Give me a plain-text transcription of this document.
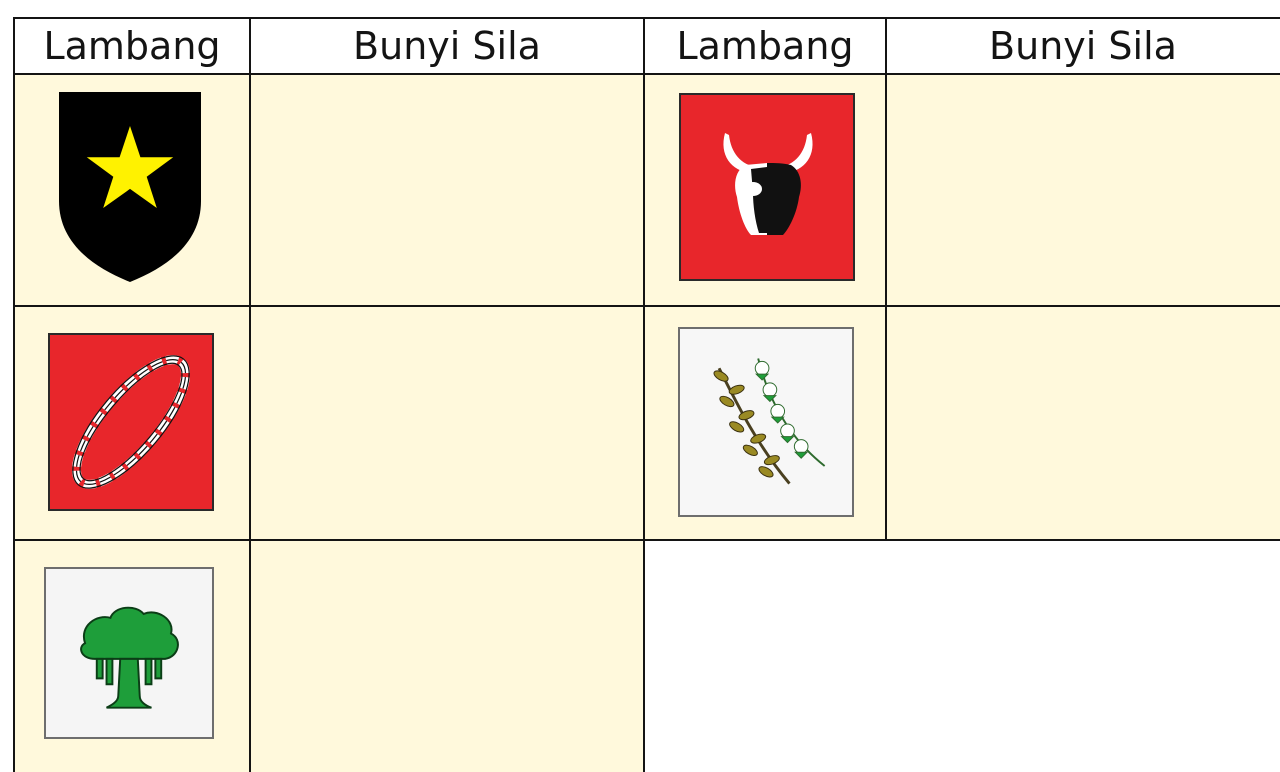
Lambang	Bunyi Sila	Lambang	Bunyi Sila
